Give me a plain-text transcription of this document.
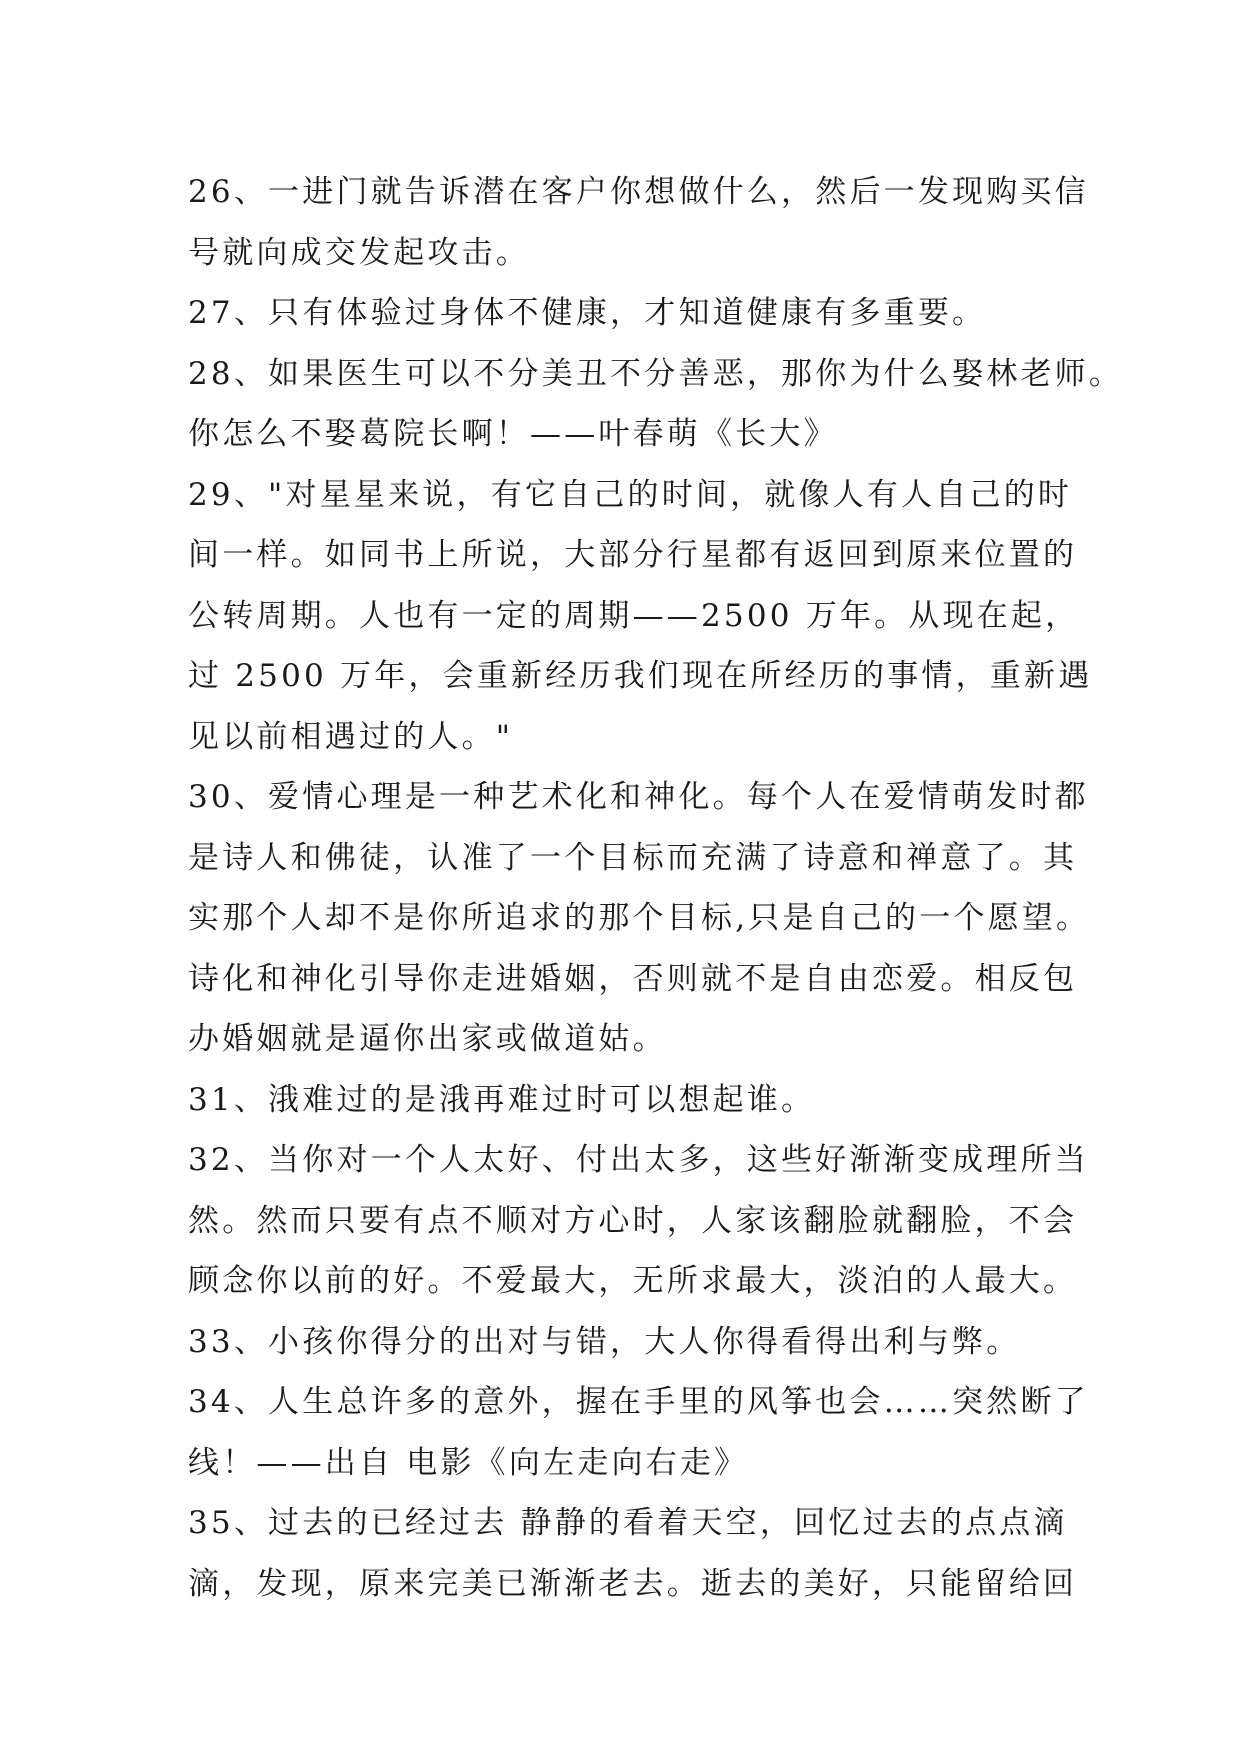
26、一进门就告诉潜在客户你想做什么，然后一发现购买信
号就向成交发起攻击。
27、只有体验过身体不健康，才知道健康有多重要。
28、如果医生可以不分美丑不分善恶，那你为什么娶林老师。
你怎么不娶葛院长啊！——叶春萌《长大》
29、"对星星来说，有它自己的时间，就像人有人自己的时
间一样。如同书上所说，大部分行星都有返回到原来位置的
公转周期。人也有一定的周期——2500 万年。从现在起，
过 2500 万年，会重新经历我们现在所经历的事情，重新遇
见以前相遇过的人。"
30、爱情心理是一种艺术化和神化。每个人在爱情萌发时都
是诗人和佛徒，认准了一个目标而充满了诗意和禅意了。其
实那个人却不是你所追求的那个目标,只是自己的一个愿望。
诗化和神化引导你走进婚姻，否则就不是自由恋爱。相反包
办婚姻就是逼你出家或做道姑。
31、涐难过的是涐再难过时可以想起谁。
32、当你对一个人太好、付出太多，这些好渐渐变成理所当
然。然而只要有点不顺对方心时，人家该翻脸就翻脸，不会
顾念你以前的好。不爱最大，无所求最大，淡泊的人最大。
33、小孩你得分的出对与错，大人你得看得出利与弊。
34、人生总许多的意外，握在手里的风筝也会……突然断了
线！——出自 电影《向左走向右走》
35、过去的已经过去 静静的看着天空，回忆过去的点点滴
滴，发现，原来完美已渐渐老去。逝去的美好，只能留给回
